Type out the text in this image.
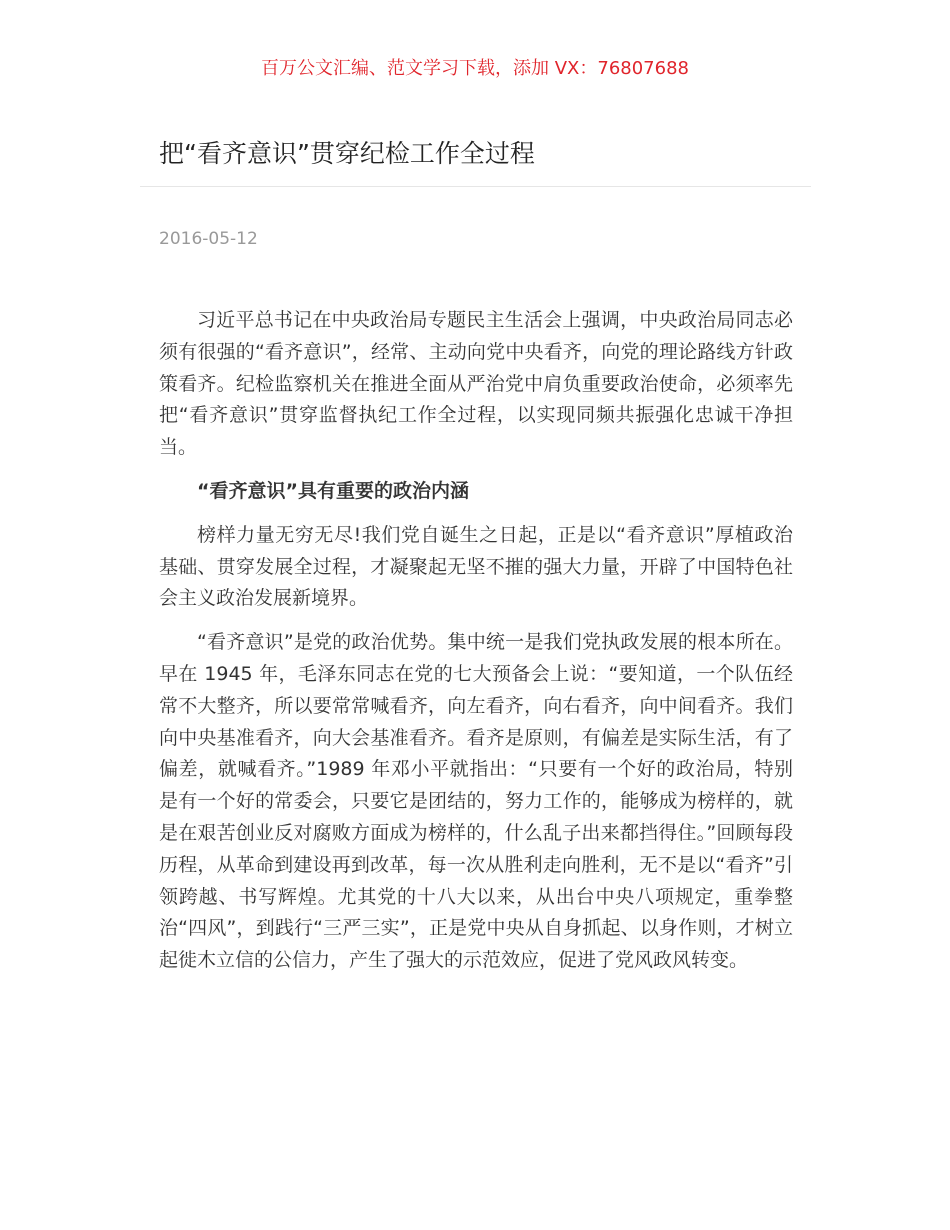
百万公文汇编、范文学习下载，添加 VX：76807688
把“看齐意识”贯穿纪检工作全过程
2016-05-12

习近平总书记在中央政治局专题民主生活会上强调，中央政治局同志必须有很强的“看齐意识”，经常、主动向党中央看齐，向党的理论路线方针政策看齐。纪检监察机关在推进全面从严治党中肩负重要政治使命，必须率先把“看齐意识”贯穿监督执纪工作全过程，以实现同频共振强化忠诚干净担当。

“看齐意识”具有重要的政治内涵

榜样力量无穷无尽!我们党自诞生之日起，正是以“看齐意识”厚植政治基础、贯穿发展全过程，才凝聚起无坚不摧的强大力量，开辟了中国特色社会主义政治发展新境界。

“看齐意识”是党的政治优势。集中统一是我们党执政发展的根本所在。早在 1945 年，毛泽东同志在党的七大预备会上说：“要知道，一个队伍经常不大整齐，所以要常常喊看齐，向左看齐，向右看齐，向中间看齐。我们向中央基准看齐，向大会基准看齐。看齐是原则，有偏差是实际生活，有了偏差，就喊看齐。”1989 年邓小平就指出：“只要有一个好的政治局，特别是有一个好的常委会，只要它是团结的，努力工作的，能够成为榜样的，就是在艰苦创业反对腐败方面成为榜样的，什么乱子出来都挡得住。”回顾每段历程，从革命到建设再到改革，每一次从胜利走向胜利，无不是以“看齐”引领跨越、书写辉煌。尤其党的十八大以来，从出台中央八项规定，重拳整治“四风”，到践行“三严三实”，正是党中央从自身抓起、以身作则，才树立起徙木立信的公信力，产生了强大的示范效应，促进了党风政风转变。
